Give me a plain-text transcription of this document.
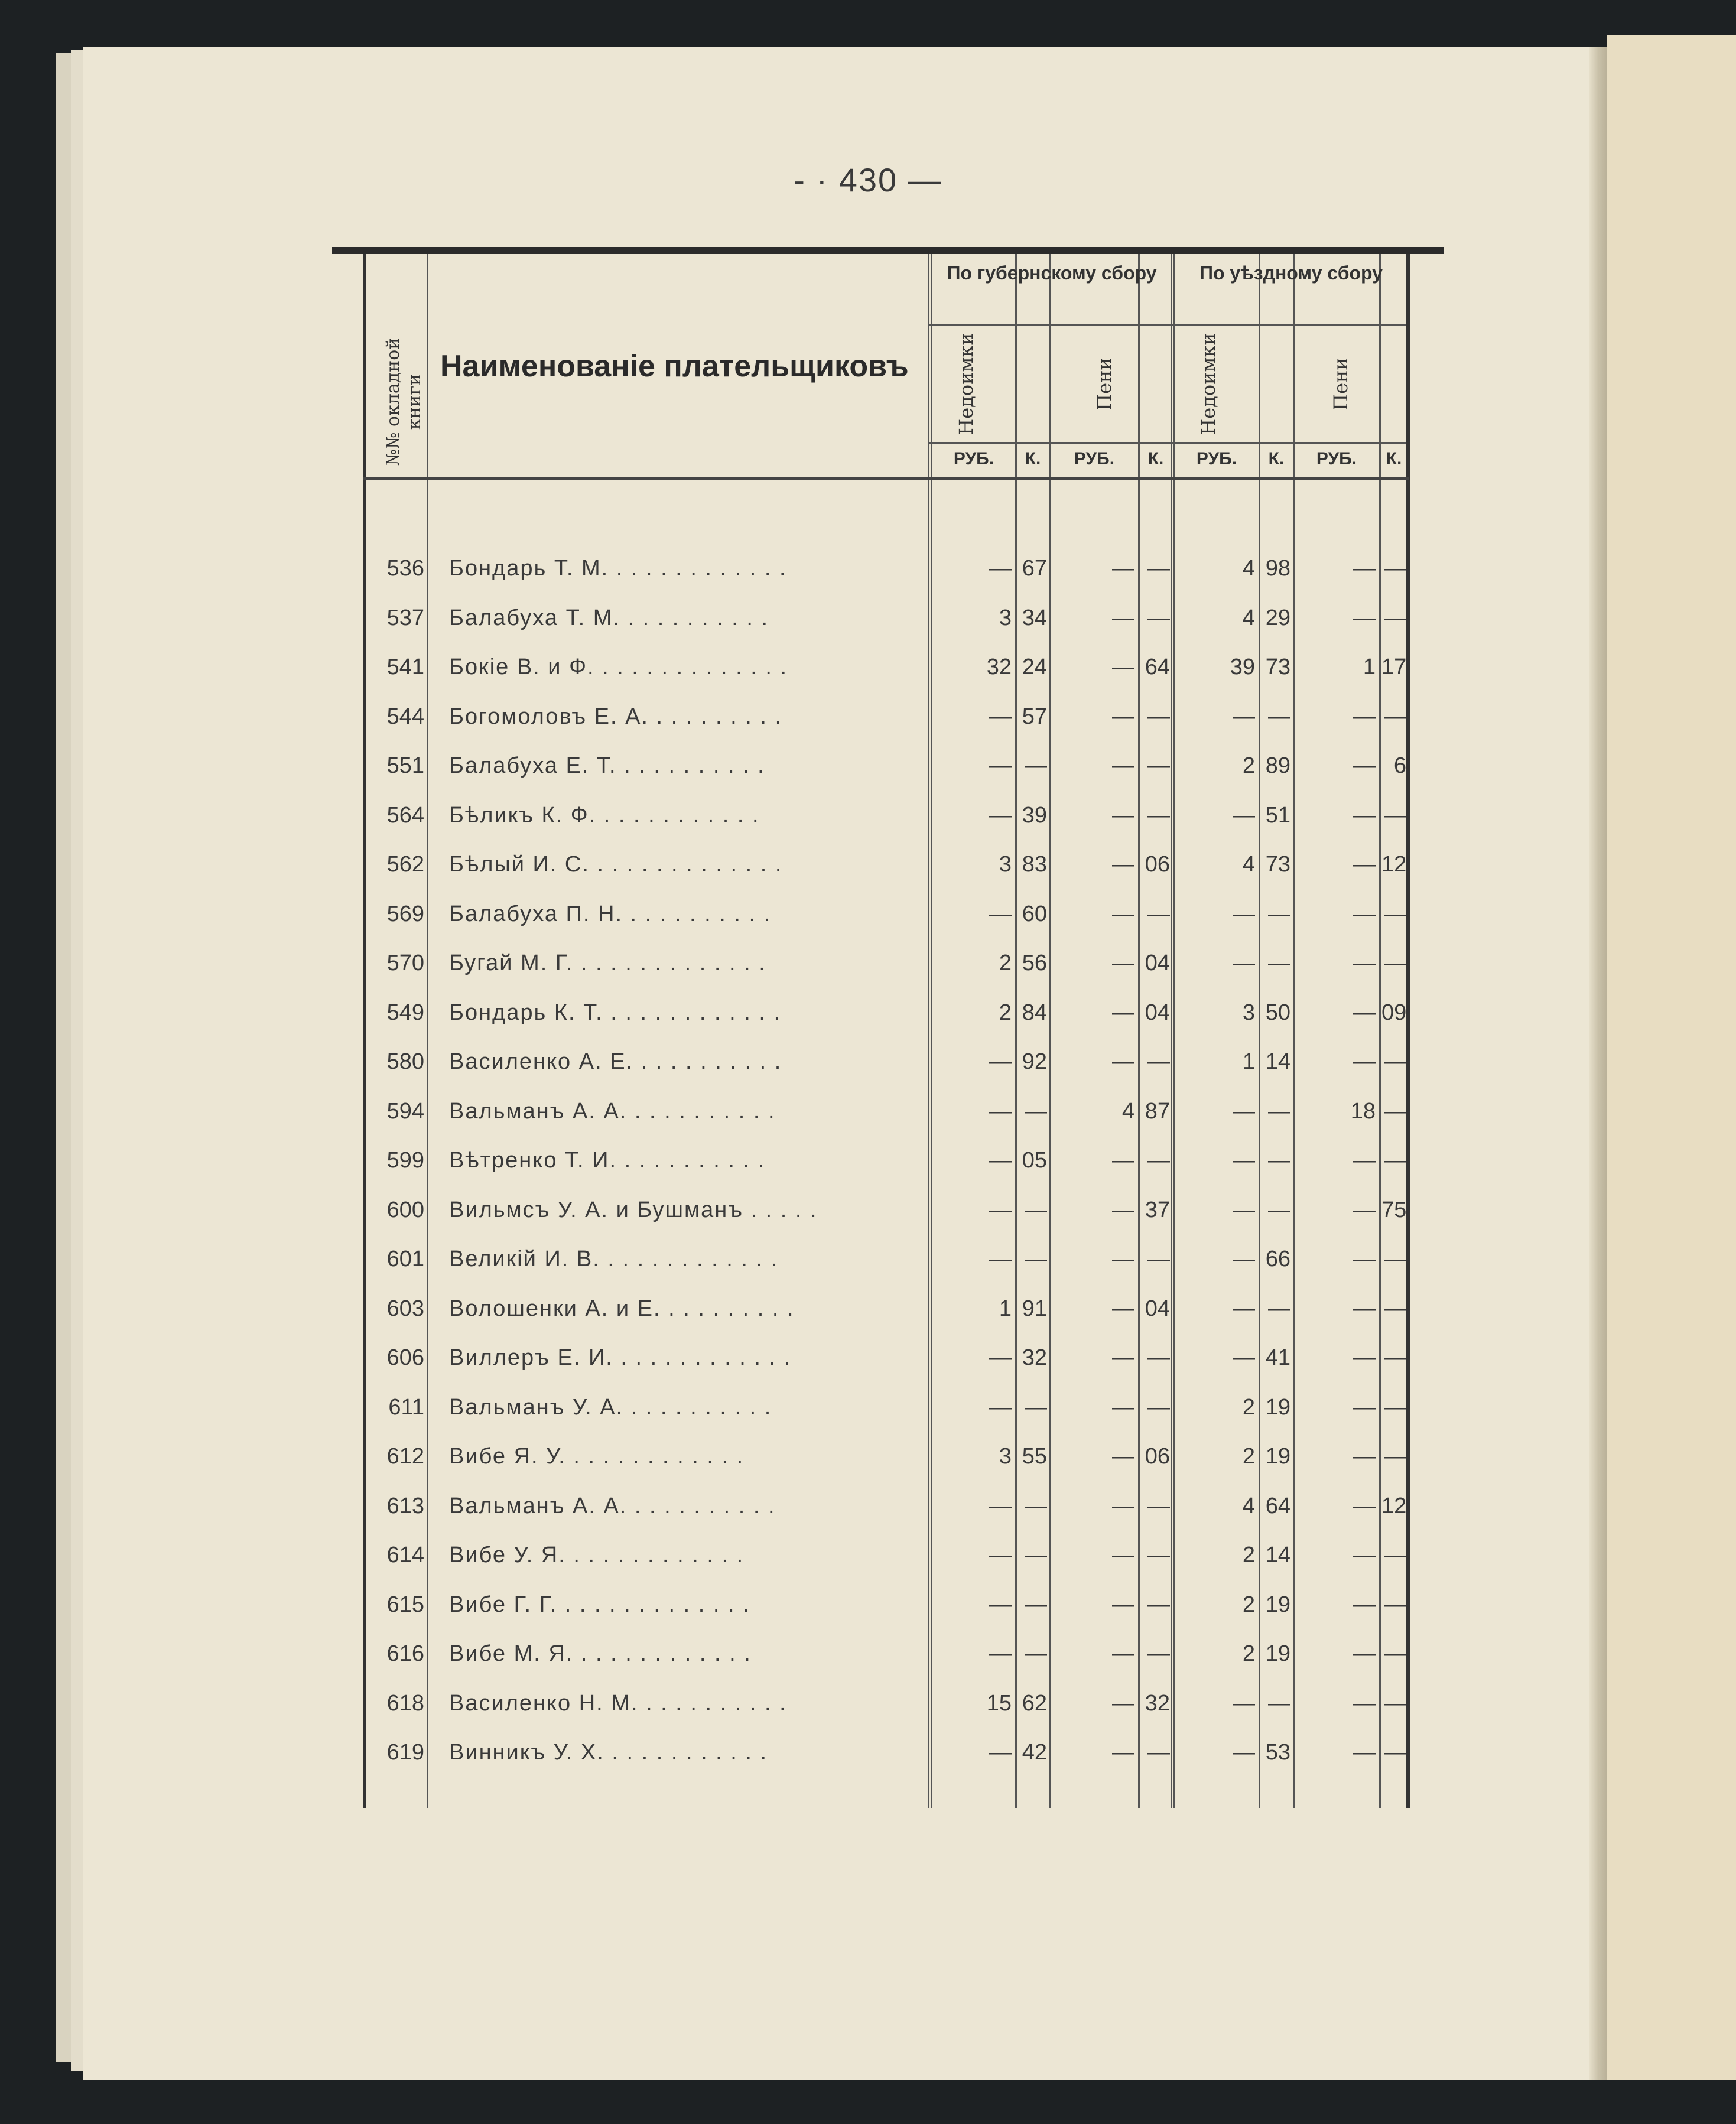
- · 430 —
№№ окладной книги
Наименованіе плательщиковъ
По губернскому сбору	По уѣздному сбору
Недоимки	Пени	Недоимки	Пени
РУБ.	К.	РУБ.	К.	РУБ.	К.	РУБ.	К.
536 Бондарь Т. М. . . . . . . . . . . . .	— 67	— —	4 98	— —
537 Балабуха Т. М. . . . . . . . . . .	3 34	— —	4 29	— —
541 Бокіе В. и Ф. . . . . . . . . . . . . .	32 24	— 64	39 73	1 17
544 Богомоловъ Е. А. . . . . . . . . .	— 57	— —	— —	— —
551 Балабуха Е. Т. . . . . . . . . . .	— —	— —	2 89	— 6
564 Бѣликъ К. Ф. . . . . . . . . . . .	— 39	— —	— 51	— —
562 Бѣлый И. С. . . . . . . . . . . . . .	3 83	— 06	4 73	— 12
569 Балабуха П. Н. . . . . . . . . . .	— 60	— —	— —	— —
570 Бугай М. Г. . . . . . . . . . . . . .	2 56	— 04	— —	— —
549 Бондарь К. Т. . . . . . . . . . . . .	2 84	— 04	3 50	— 09
580 Василенко А. Е. . . . . . . . . . .	— 92	— —	1 14	— —
594 Вальманъ А. А. . . . . . . . . . .	— —	4 87	— —	18 —
599 Вѣтренко Т. И. . . . . . . . . . .	— 05	— —	— —	— —
600 Вильмсъ У. А. и Бушманъ . . . . .	— —	— 37	— —	— 75
601 Великій И. В. . . . . . . . . . . . .	— —	— —	— 66	— —
603 Волошенки А. и Е. . . . . . . . . .	1 91	— 04	— —	— —
606 Виллеръ Е. И. . . . . . . . . . . . .	— 32	— —	— 41	— —
611 Вальманъ У. А. . . . . . . . . . .	— —	— —	2 19	— —
612 Вибе Я. У. . . . . . . . . . . . .	3 55	— 06	2 19	— —
613 Вальманъ А. А. . . . . . . . . . .	— —	— —	4 64	— 12
614 Вибе У. Я. . . . . . . . . . . . .	— —	— —	2 14	— —
615 Вибе Г. Г. . . . . . . . . . . . . .	— —	— —	2 19	— —
616 Вибе М. Я. . . . . . . . . . . . .	— —	— —	2 19	— —
618 Василенко Н. М. . . . . . . . . . .	15 62	— 32	— —	— —
619 Винникъ У. Х. . . . . . . . . . . .	— 42	— —	— 53	— —
